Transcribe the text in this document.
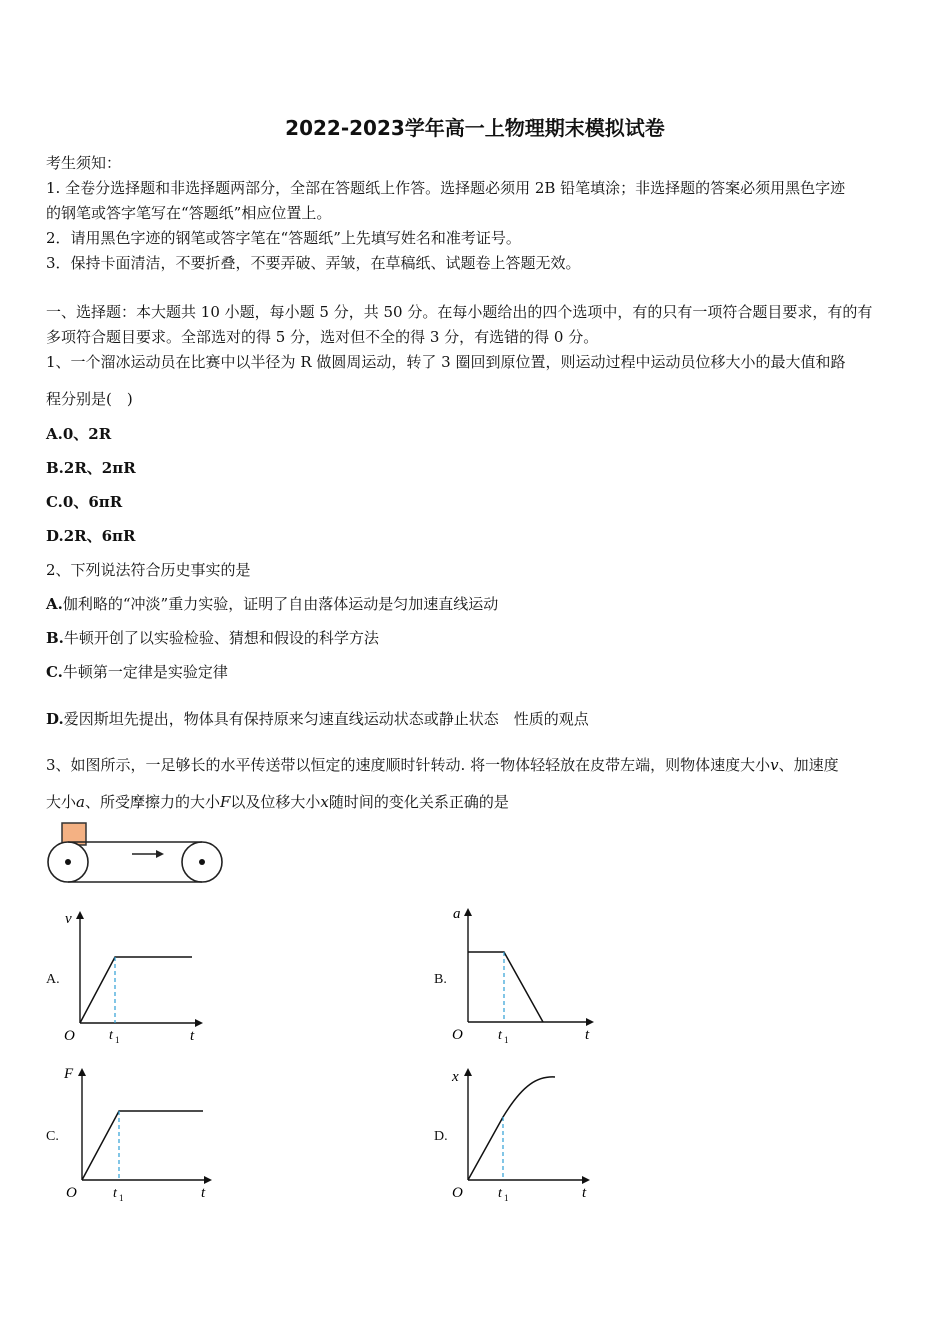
2022-2023学年高一上物理期末模拟试卷
考生须知：
1. 全卷分选择题和非选择题两部分，全部在答题纸上作答。选择题必须用 2B 铅笔填涂；非选择题的答案必须用黑色字迹
的钢笔或答字笔写在“答题纸”相应位置上。
2．请用黑色字迹的钢笔或答字笔在“答题纸”上先填写姓名和准考证号。
3．保持卡面清洁，不要折叠，不要弄破、弄皱，在草稿纸、试题卷上答题无效。
一、选择题：本大题共 10 小题，每小题 5 分，共 50 分。在每小题给出的四个选项中，有的只有一项符合题目要求，有的有
多项符合题目要求。全部选对的得 5 分，选对但不全的得 3 分，有选错的得 0 分。
1、一个溜冰运动员在比赛中以半径为 R 做圆周运动，转了 3 圈回到原位置，则运动过程中运动员位移大小的最大值和路
程分别是(　)
A.0、2R
B.2R、2πR
C.0、6πR
D.2R、6πR
2、下列说法符合历史事实的是
A.伽利略的“冲淡”重力实验，证明了自由落体运动是匀加速直线运动
B.牛顿开创了以实验检验、猜想和假设的科学方法
C.牛顿第一定律是实验定律
D.爱因斯坦先提出，物体具有保持原来匀速直线运动状态或静止状态　性质的观点
3、如图所示，一足够长的水平传送带以恒定的速度顺时针转动. 将一物体轻轻放在皮带左端，则物体速度大小v、加速度
大小a、所受摩擦力的大小F以及位移大小x随时间的变化关系正确的是
A.
v
O t 1	t
B.
a
O	t 1	t
C.
F
O	t 1	t
D.
x
O	t 1	t
